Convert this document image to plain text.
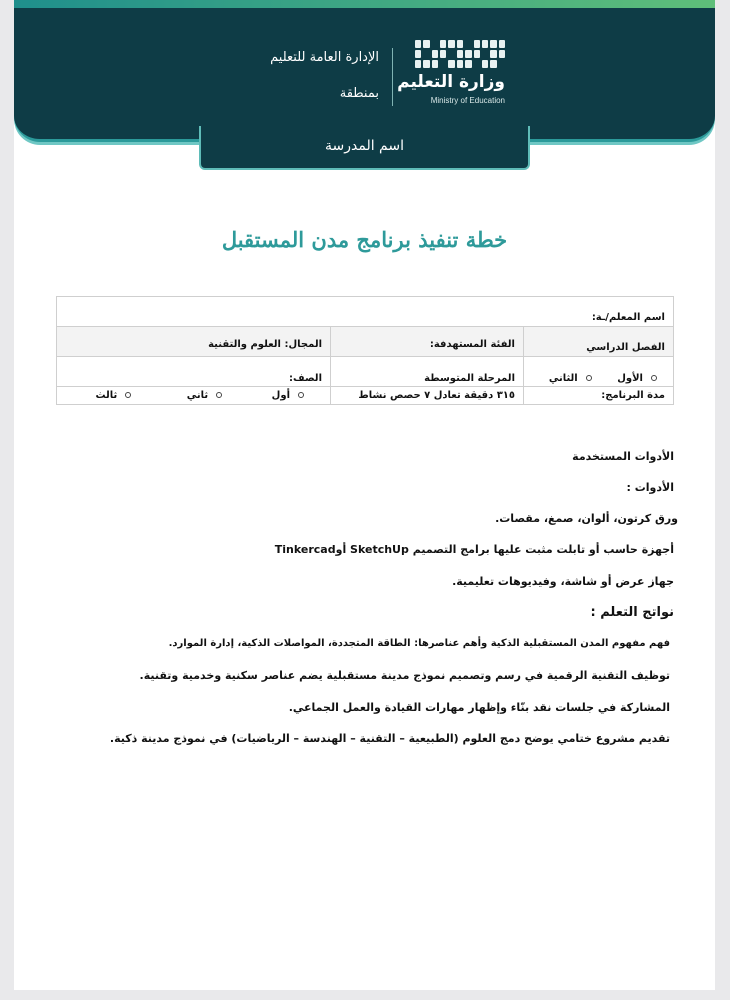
وزارة التعليم
Ministry of Education
الإدارة العامة للتعليم
بمنطقة
اسم المدرسة
خطة تنفيذ برنامج مدن المستقبل
اسم المعلم/ـة:		
الفصل الدراسي	الفئة المستهدفة:	المجال: العلوم والتقنية
الأول الثاني	المرحلة المتوسطة	الصف:
مدة البرنامج:	٣١٥ دقيقة تعادل ٧ حصص نشاط	أول ثاني ثالث
الأدوات المستخدمة
الأدوات :
ورق كرتون، ألوان، صمغ، مقصات.
أجهزة حاسب أو تابلت مثبت عليها برامج التصميم SketchUp أوTinkercad
جهاز عرض أو شاشة، وفيديوهات تعليمية.
نواتج التعلم :
فهم مفهوم المدن المستقبلية الذكية وأهم عناصرها: الطاقة المتجددة، المواصلات الذكية، إدارة الموارد.
توظيف التقنية الرقمية في رسم وتصميم نموذج مدينة مستقبلية يضم عناصر سكنية وخدمية وتقنية.
المشاركة في جلسات نقد بنّاء وإظهار مهارات القيادة والعمل الجماعي.
تقديم مشروع ختامي يوضح دمج العلوم (الطبيعية – التقنية – الهندسة – الرياضيات) في نموذج مدينة ذكية.
